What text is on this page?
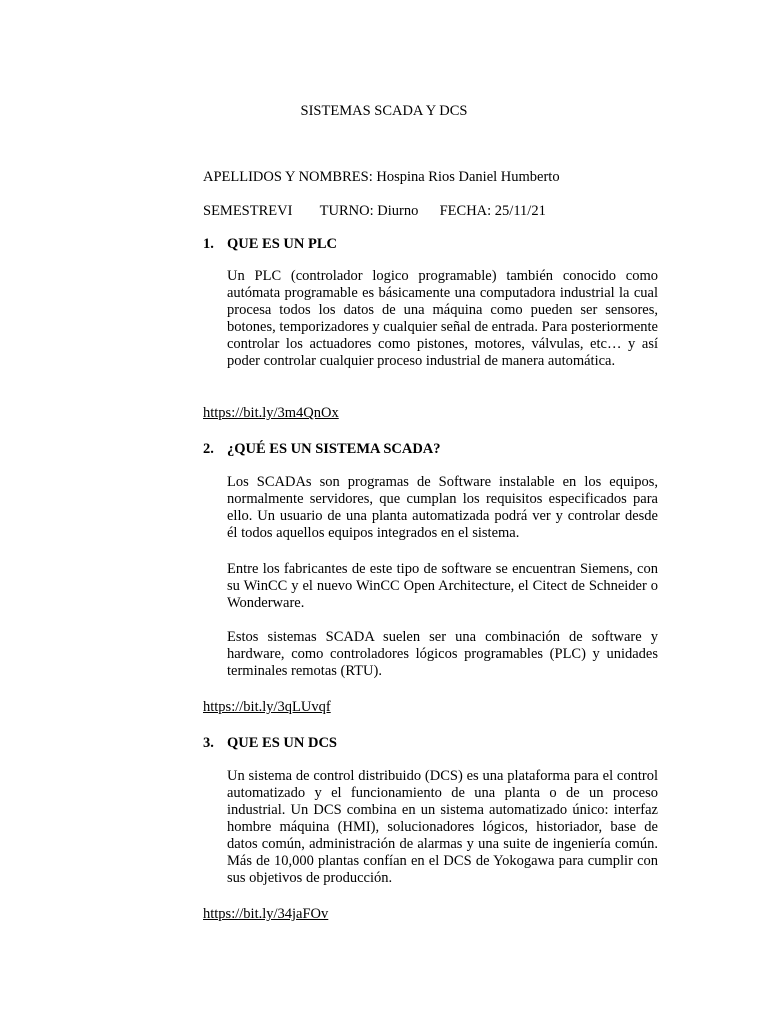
SISTEMAS SCADA Y DCS
APELLIDOS Y NOMBRES: Hospina Rios Daniel Humberto
SEMESTREVI TURNO: Diurno FECHA: 25/11/21
1. QUE ES UN PLC

Un PLC (controlador logico programable) también conocido como autómata programable es básicamente una computadora industrial la cual procesa todos los datos de una máquina como pueden ser sensores, botones, temporizadores y cualquier señal de entrada. Para posteriormente controlar los actuadores como pistones, motores, válvulas, etc… y así poder controlar cualquier proceso industrial de manera automática.

https://bit.ly/3m4QnOx
2. ¿QUÉ ES UN SISTEMA SCADA?

Los SCADAs son programas de Software instalable en los equipos, normalmente servidores, que cumplan los requisitos especificados para ello. Un usuario de una planta automatizada podrá ver y controlar desde él todos aquellos equipos integrados en el sistema.

Entre los fabricantes de este tipo de software se encuentran Siemens, con su WinCC y el nuevo WinCC Open Architecture, el Citect de Schneider o Wonderware.

Estos sistemas SCADA suelen ser una combinación de software y hardware, como controladores lógicos programables (PLC) y unidades terminales remotas (RTU).

https://bit.ly/3qLUvqf
3. QUE ES UN DCS

Un sistema de control distribuido (DCS) es una plataforma para el control automatizado y el funcionamiento de una planta o de un proceso industrial. Un DCS combina en un sistema automatizado único: interfaz hombre máquina (HMI), solucionadores lógicos, historiador, base de datos común, administración de alarmas y una suite de ingeniería común. Más de 10,000 plantas confían en el DCS de Yokogawa para cumplir con sus objetivos de producción.

https://bit.ly/34jaFOv
